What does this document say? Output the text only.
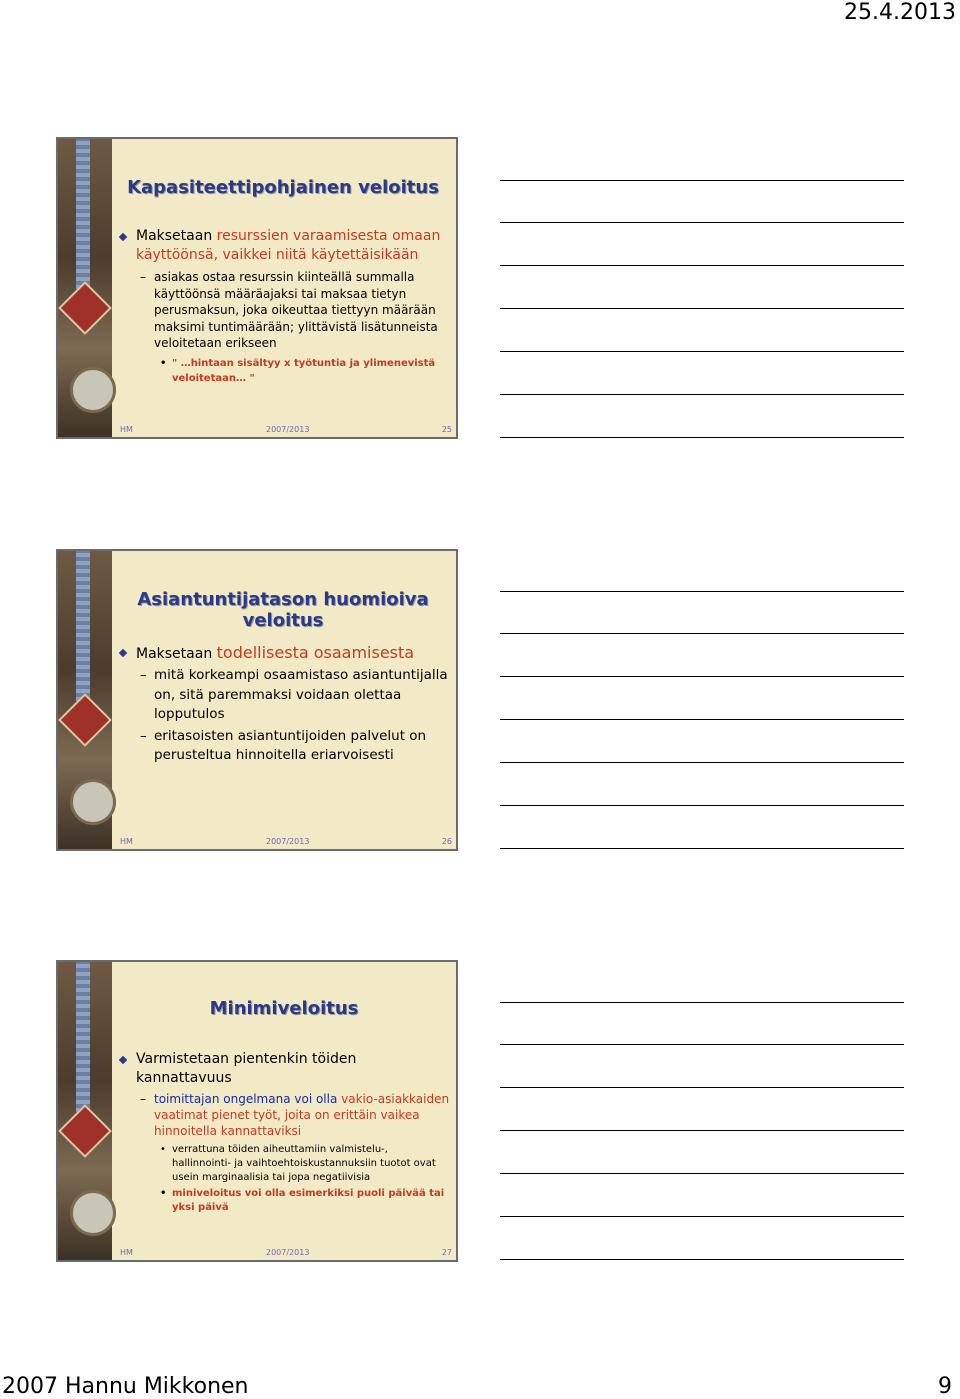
25.4.2013
Kapasiteettipohjainen veloitus
Maksetaan resurssien varaamisesta omaan käyttöönsä, vaikkei niitä käytettäisikään
– asiakas ostaa resurssin kiinteällä summalla käyttöönsä määräajaksi tai maksaa tietyn perusmaksun, joka oikeuttaa tiettyyn määrään maksimi tuntimäärään; ylittävistä lisätunneista veloitetaan erikseen
• " …hintaan sisältyy x työtuntia ja ylimenevistä veloitetaan… "
HM	2007/2013	25
Asiantuntijatason huomioiva veloitus
Maksetaan todellisesta osaamisesta
– mitä korkeampi osaamistaso asiantuntijalla on, sitä paremmaksi voidaan olettaa lopputulos
– eritasoisten asiantuntijoiden palvelut on perusteltua hinnoitella eriarvoisesti
HM	2007/2013	26
Minimiveloitus
Varmistetaan pientenkin töiden kannattavuus
– toimittajan ongelmana voi olla vakio-asiakkaiden vaatimat pienet työt, joita on erittäin vaikea hinnoitella kannattaviksi
• verrattuna töiden aiheuttamiin valmistelu-, hallinnointi- ja vaihtoehtoiskustannuksiin tuotot ovat usein marginaalisia tai jopa negatiivisia
• miniveloitus voi olla esimerkiksi puoli päivää tai yksi päivä
HM	2007/2013	27
2007 Hannu Mikkonen	9
